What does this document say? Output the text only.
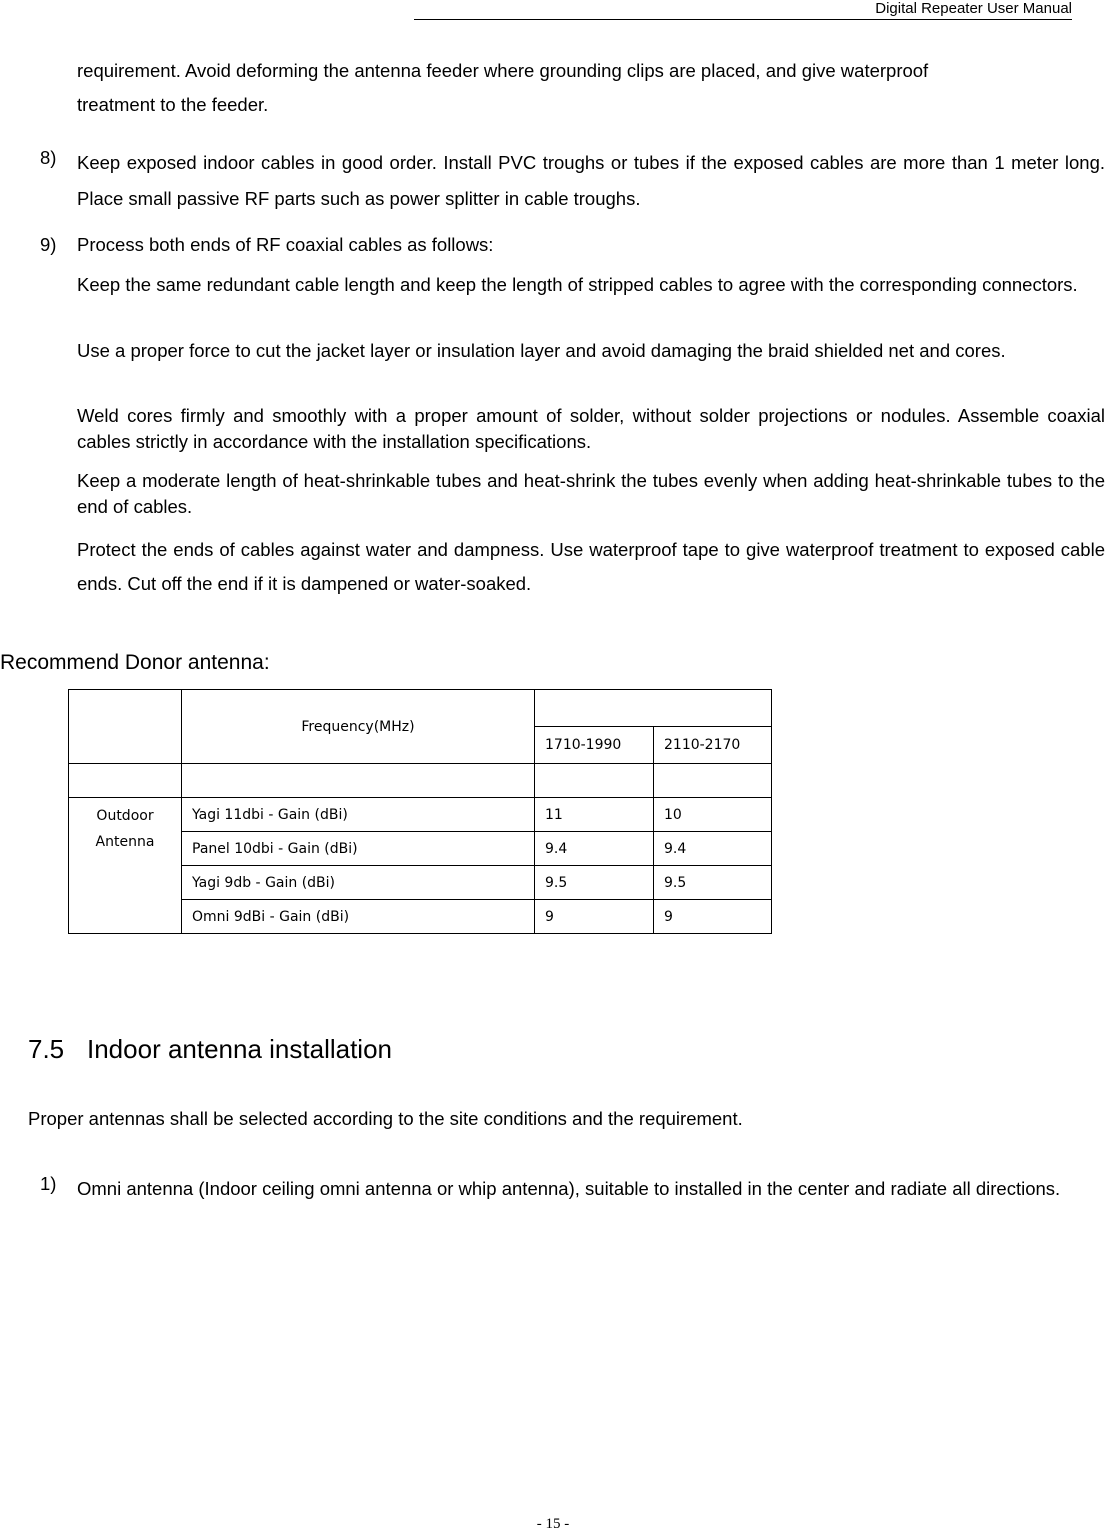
Digital Repeater User Manual
requirement. Avoid deforming the antenna feeder where grounding clips are placed, and give waterproof
treatment to the feeder.
8) Keep exposed indoor cables in good order. Install PVC troughs or tubes if the exposed cables are more than 1 meter long. Place small passive RF parts such as power splitter in cable troughs.
9) Process both ends of RF coaxial cables as follows:
Keep the same redundant cable length and keep the length of stripped cables to agree with the corresponding connectors.
Use a proper force to cut the jacket layer or insulation layer and avoid damaging the braid shielded net and cores.
Weld cores firmly and smoothly with a proper amount of solder, without solder projections or nodules. Assemble coaxial cables strictly in accordance with the installation specifications.
Keep a moderate length of heat-shrinkable tubes and heat-shrink the tubes evenly when adding heat-shrinkable tubes to the end of cables.
Protect the ends of cables against water and dampness. Use waterproof tape to give waterproof treatment to exposed cable ends. Cut off the end if it is dampened or water-soaked.
Recommend Donor antenna:
	Frequency(MHz)		
		1710-1990	2110-2170

Outdoor
Antenna	Yagi 11dbi - Gain (dBi)	11	10
	Panel 10dbi - Gain (dBi)	9.4	9.4
	Yagi 9db - Gain (dBi)	9.5	9.5
	Omni 9dBi - Gain (dBi)	9	9
7.5 Indoor antenna installation
Proper antennas shall be selected according to the site conditions and the requirement.
1) Omni antenna (Indoor ceiling omni antenna or whip antenna), suitable to installed in the center and radiate all directions.
- 15 -
